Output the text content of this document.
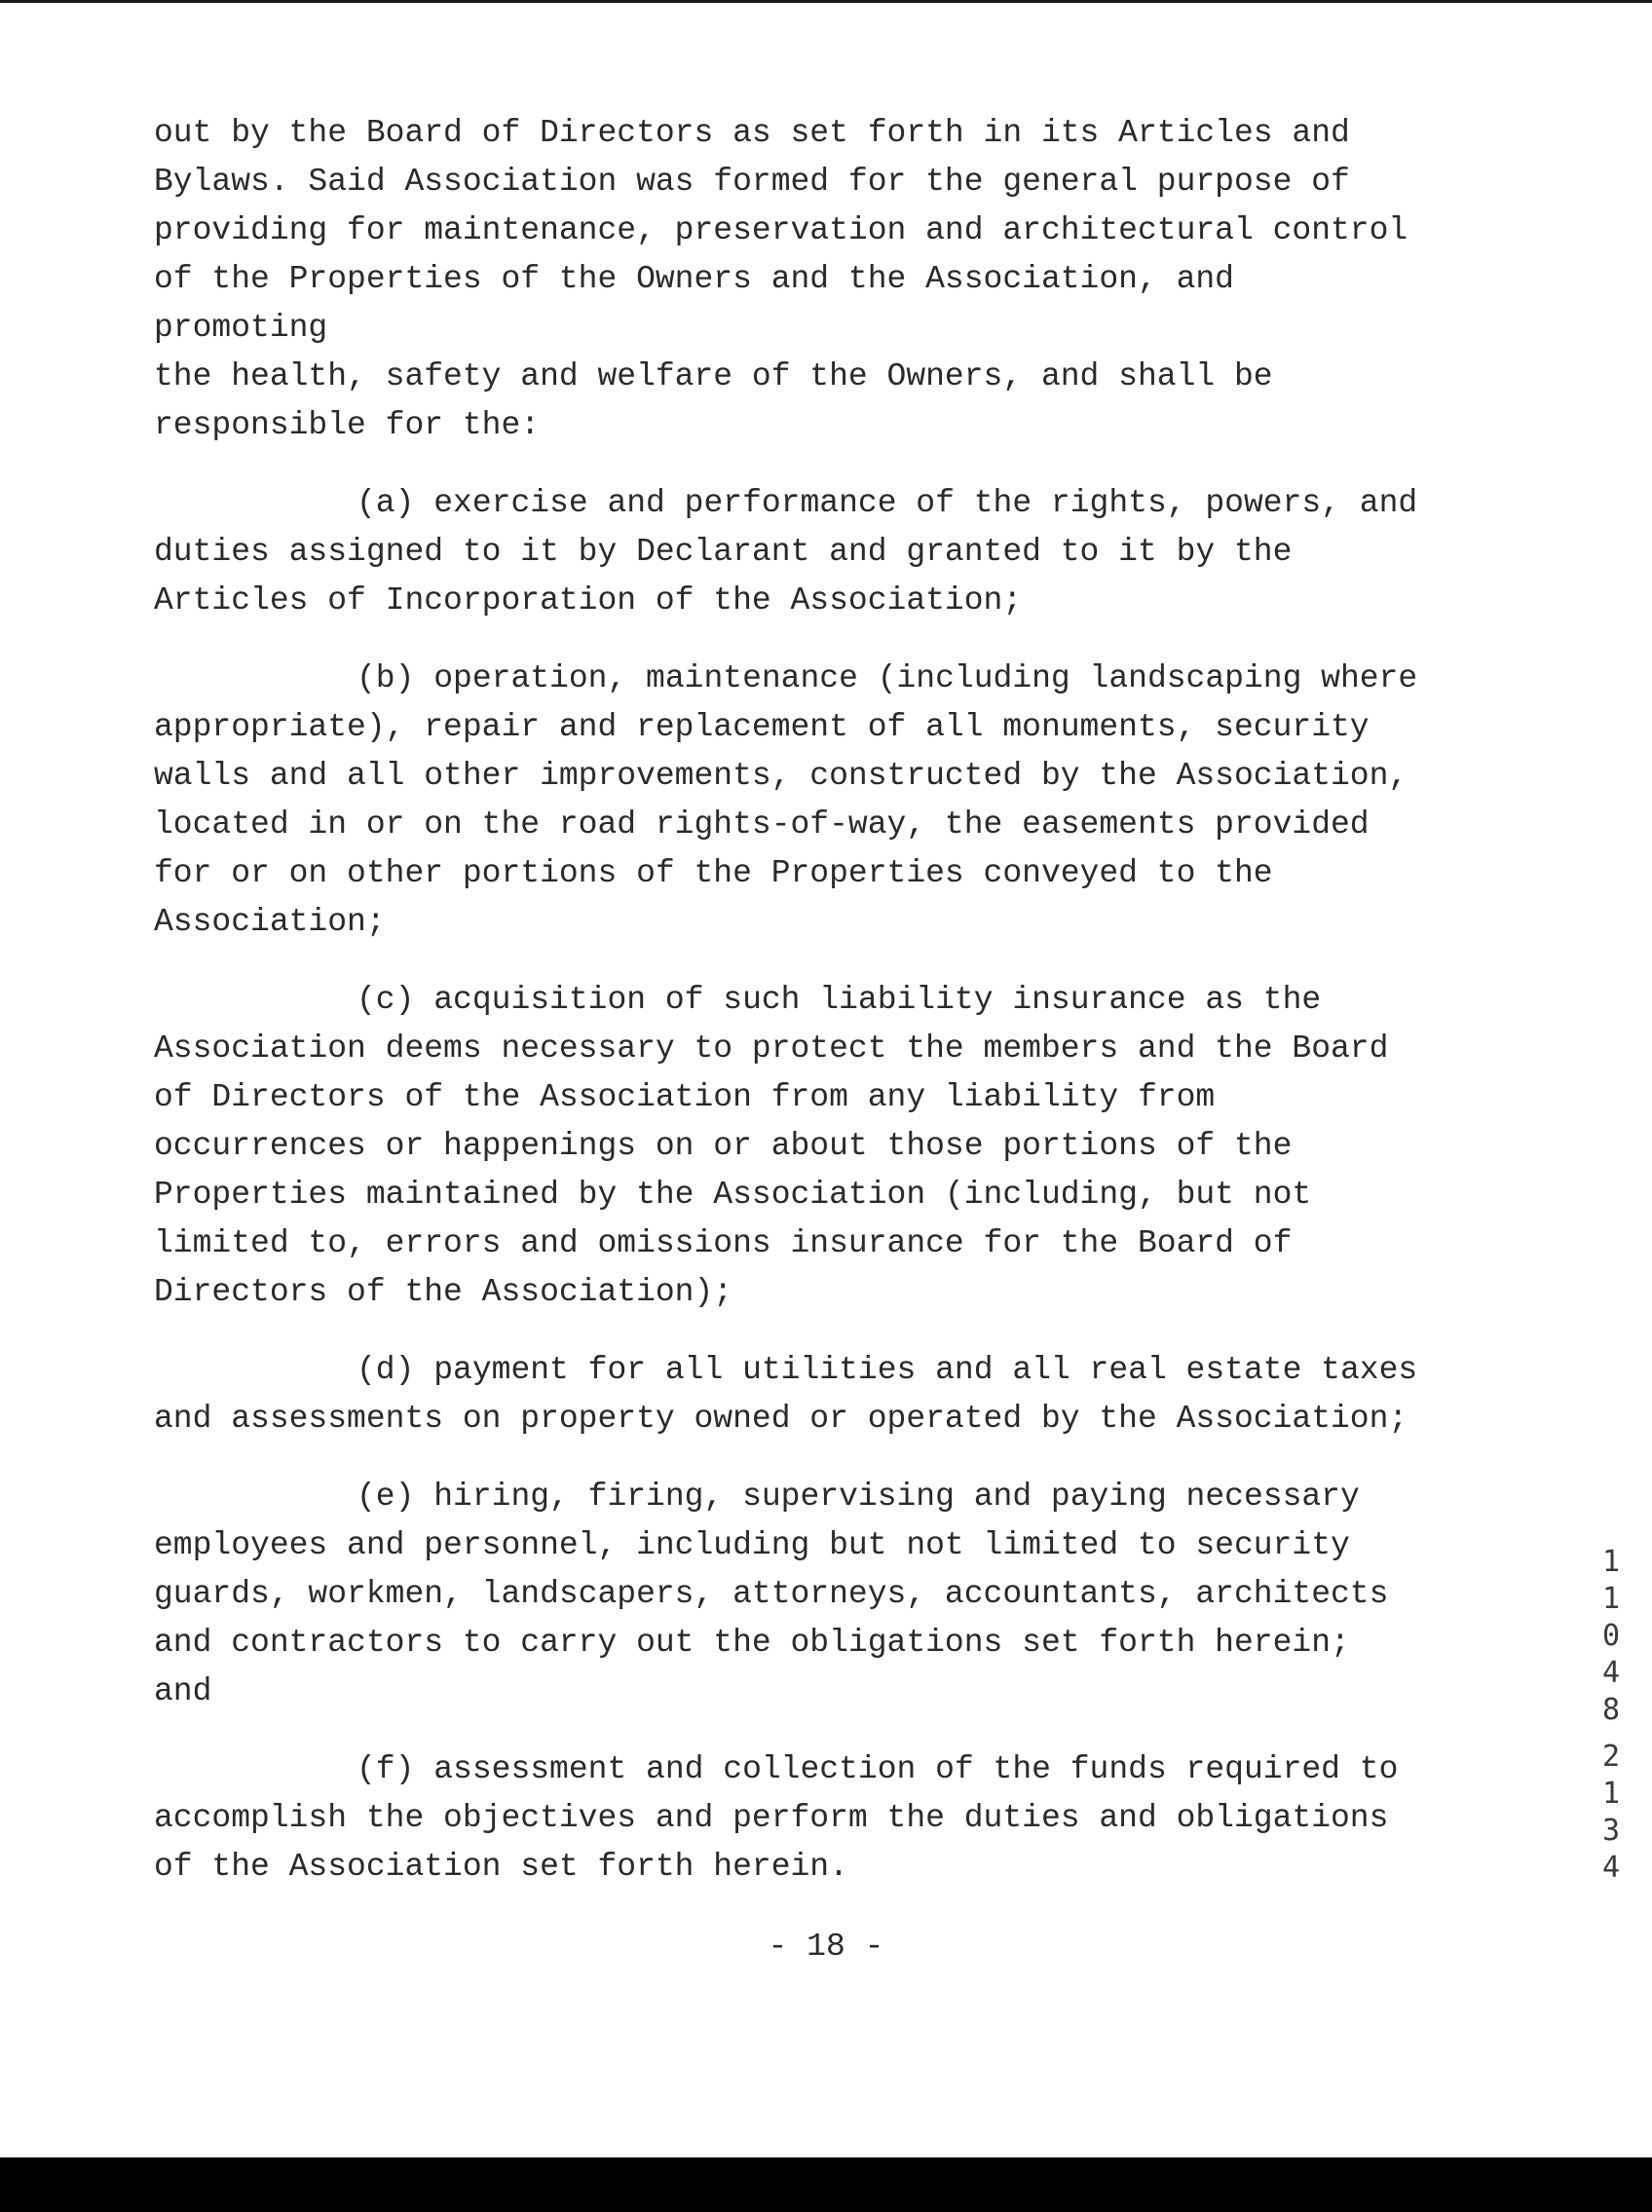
out by the Board of Directors as set forth in its Articles and
Bylaws. Said Association was formed for the general purpose of
providing for maintenance, preservation and architectural control
of the Properties of the Owners and the Association, and promoting
the health, safety and welfare of the Owners, and shall be
responsible for the:

(a) exercise and performance of the rights, powers, and
duties assigned to it by Declarant and granted to it by the
Articles of Incorporation of the Association;

(b) operation, maintenance (including landscaping where
appropriate), repair and replacement of all monuments, security
walls and all other improvements, constructed by the Association,
located in or on the road rights-of-way, the easements provided
for or on other portions of the Properties conveyed to the
Association;

(c) acquisition of such liability insurance as the
Association deems necessary to protect the members and the Board
of Directors of the Association from any liability from
occurrences or happenings on or about those portions of the
Properties maintained by the Association (including, but not
limited to, errors and omissions insurance for the Board of
Directors of the Association);

(d) payment for all utilities and all real estate taxes
and assessments on property owned or operated by the Association;

(e) hiring, firing, supervising and paying necessary
employees and personnel, including but not limited to security
guards, workmen, landscapers, attorneys, accountants, architects
and contractors to carry out the obligations set forth herein; and

(f) assessment and collection of the funds required to
accomplish the objectives and perform the duties and obligations
of the Association set forth herein.

- 18 -
1
1
0
4
8
2
1
3
4
